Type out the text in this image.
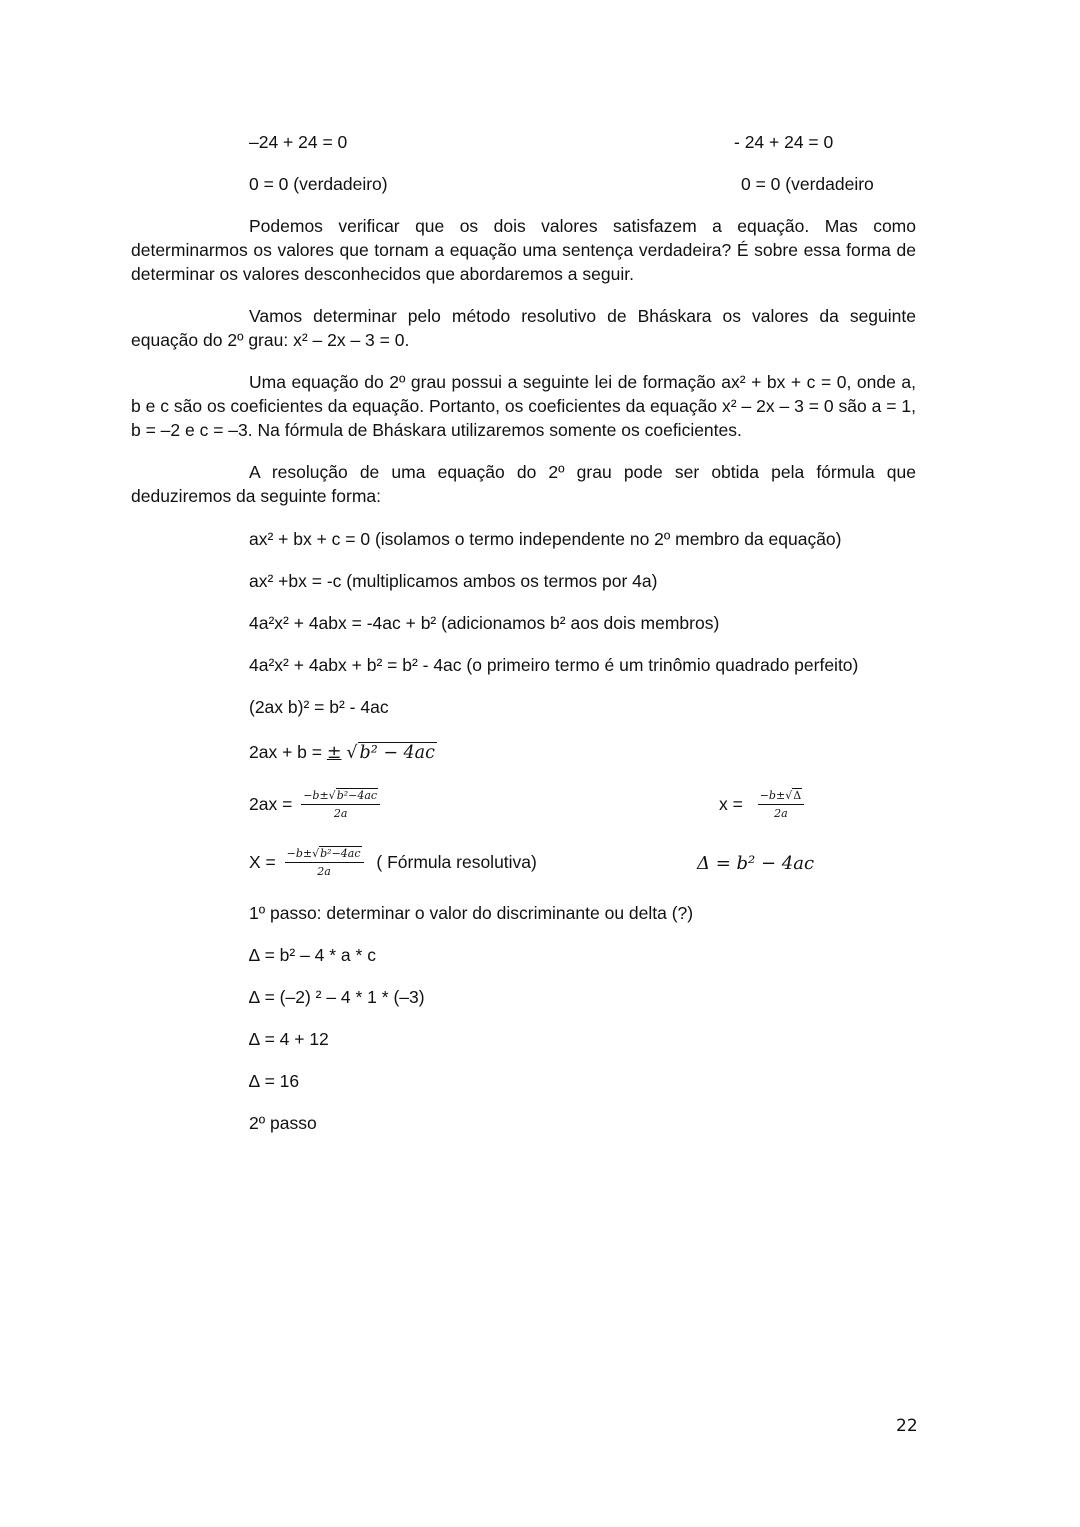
–24 + 24 = 0	- 24 + 24 = 0
0 = 0 (verdadeiro)	0 = 0 (verdadeiro
Podemos verificar que os dois valores satisfazem a equação. Mas como determinarmos os valores que tornam a equação uma sentença verdadeira? É sobre essa forma de determinar os valores desconhecidos que abordaremos a seguir.
Vamos determinar pelo método resolutivo de Bháskara os valores da seguinte equação do 2º grau: x² – 2x – 3 = 0.
Uma equação do 2º grau possui a seguinte lei de formação ax² + bx + c = 0, onde a, b e c são os coeficientes da equação. Portanto, os coeficientes da equação x² – 2x – 3 = 0 são a = 1, b = –2 e c = –3. Na fórmula de Bháskara utilizaremos somente os coeficientes.
A resolução de uma equação do 2º grau pode ser obtida pela fórmula que deduziremos da seguinte forma:
ax² + bx + c = 0 (isolamos o termo independente no 2º membro da equação)
ax² +bx = -c (multiplicamos ambos os termos por 4a)
4a²x² + 4abx = -4ac + b² (adicionamos b² aos dois membros)
4a²x² + 4abx + b² = b² - 4ac (o primeiro termo é um trinômio quadrado perfeito)
(2ax b)² = b² - 4ac
2ax + b = ± √ b² − 4ac
$2ax = \frac{\text{−b±√b²−4ac}}{2a}$	$x = \frac{-b\pm√\Delta}{2a}$
$X = \frac{\text{−b±√b²−4ac}}{2a}$ ( Fórmula resolutiva)	Δ = b² − 4ac
1º passo: determinar o valor do discriminante ou delta (?)
∆ = b² – 4 * a * c
∆ = (–2) ² – 4 * 1 * (–3)
∆ = 4 + 12
∆ = 16
2º passo
22
